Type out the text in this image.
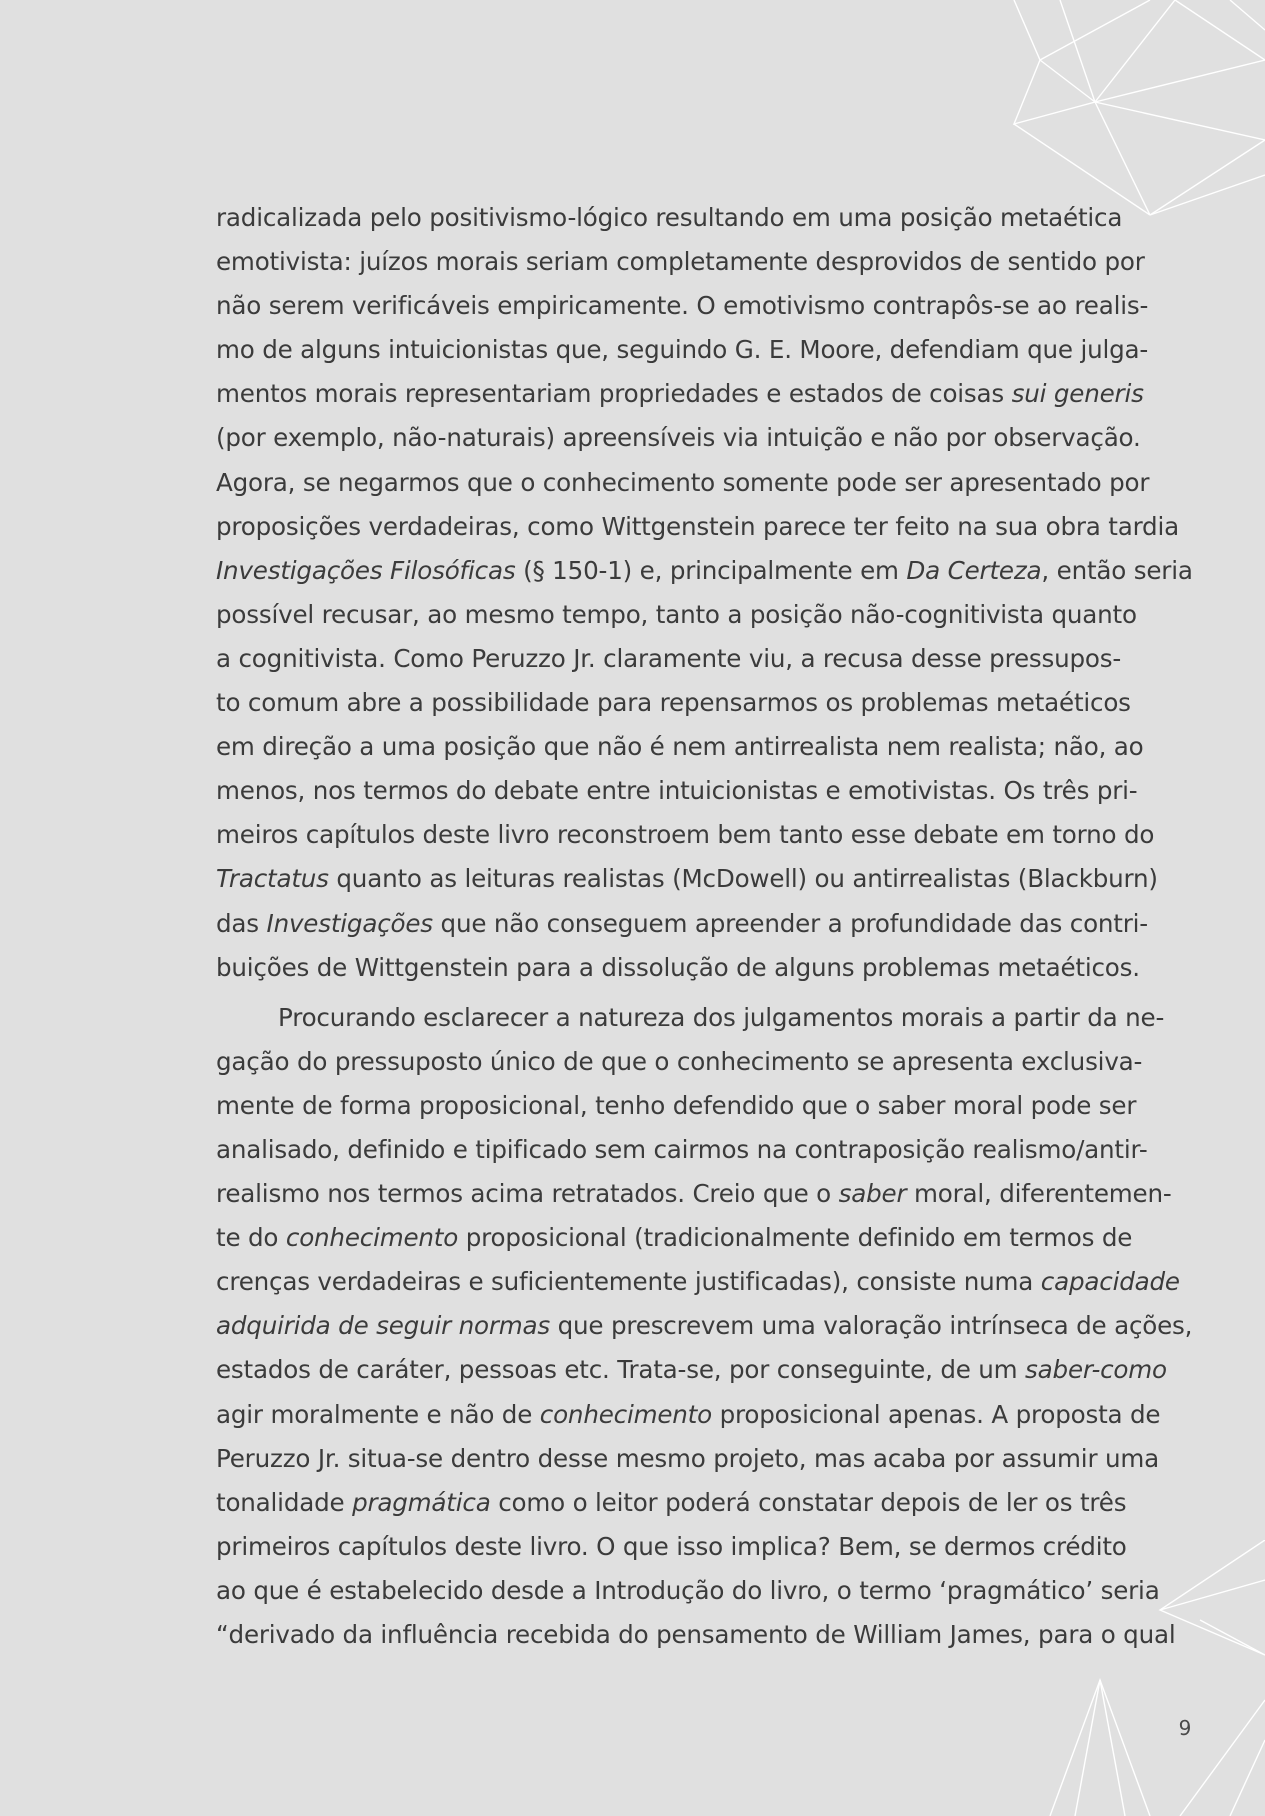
radicalizada pelo positivismo-lógico resultando em uma posição metaética
emotivista: juízos morais seriam completamente desprovidos de sentido por
não serem verificáveis empiricamente. O emotivismo contrapôs-se ao realis-
mo de alguns intuicionistas que, seguindo G. E. Moore, defendiam que julga-
mentos morais representariam propriedades e estados de coisas sui generis
(por exemplo, não-naturais) apreensíveis via intuição e não por observação.
Agora, se negarmos que o conhecimento somente pode ser apresentado por
proposições verdadeiras, como Wittgenstein parece ter feito na sua obra tardia
Investigações Filosóficas (§ 150-1) e, principalmente em Da Certeza, então seria
possível recusar, ao mesmo tempo, tanto a posição não-cognitivista quanto
a cognitivista. Como Peruzzo Jr. claramente viu, a recusa desse pressupos-
to comum abre a possibilidade para repensarmos os problemas metaéticos
em direção a uma posição que não é nem antirrealista nem realista; não, ao
menos, nos termos do debate entre intuicionistas e emotivistas. Os três pri-
meiros capítulos deste livro reconstroem bem tanto esse debate em torno do
Tractatus quanto as leituras realistas (McDowell) ou antirrealistas (Blackburn)
das Investigações que não conseguem apreender a profundidade das contri-
buições de Wittgenstein para a dissolução de alguns problemas metaéticos.
Procurando esclarecer a natureza dos julgamentos morais a partir da ne-
gação do pressuposto único de que o conhecimento se apresenta exclusiva-
mente de forma proposicional, tenho defendido que o saber moral pode ser
analisado, definido e tipificado sem cairmos na contraposição realismo/antir-
realismo nos termos acima retratados. Creio que o saber moral, diferentemen-
te do conhecimento proposicional (tradicionalmente definido em termos de
crenças verdadeiras e suficientemente justificadas), consiste numa capacidade
adquirida de seguir normas que prescrevem uma valoração intrínseca de ações,
estados de caráter, pessoas etc. Trata-se, por conseguinte, de um saber-como
agir moralmente e não de conhecimento proposicional apenas. A proposta de
Peruzzo Jr. situa-se dentro desse mesmo projeto, mas acaba por assumir uma
tonalidade pragmática como o leitor poderá constatar depois de ler os três
primeiros capítulos deste livro. O que isso implica? Bem, se dermos crédito
ao que é estabelecido desde a Introdução do livro, o termo ‘pragmático’ seria
“derivado da influência recebida do pensamento de William James, para o qual
9
